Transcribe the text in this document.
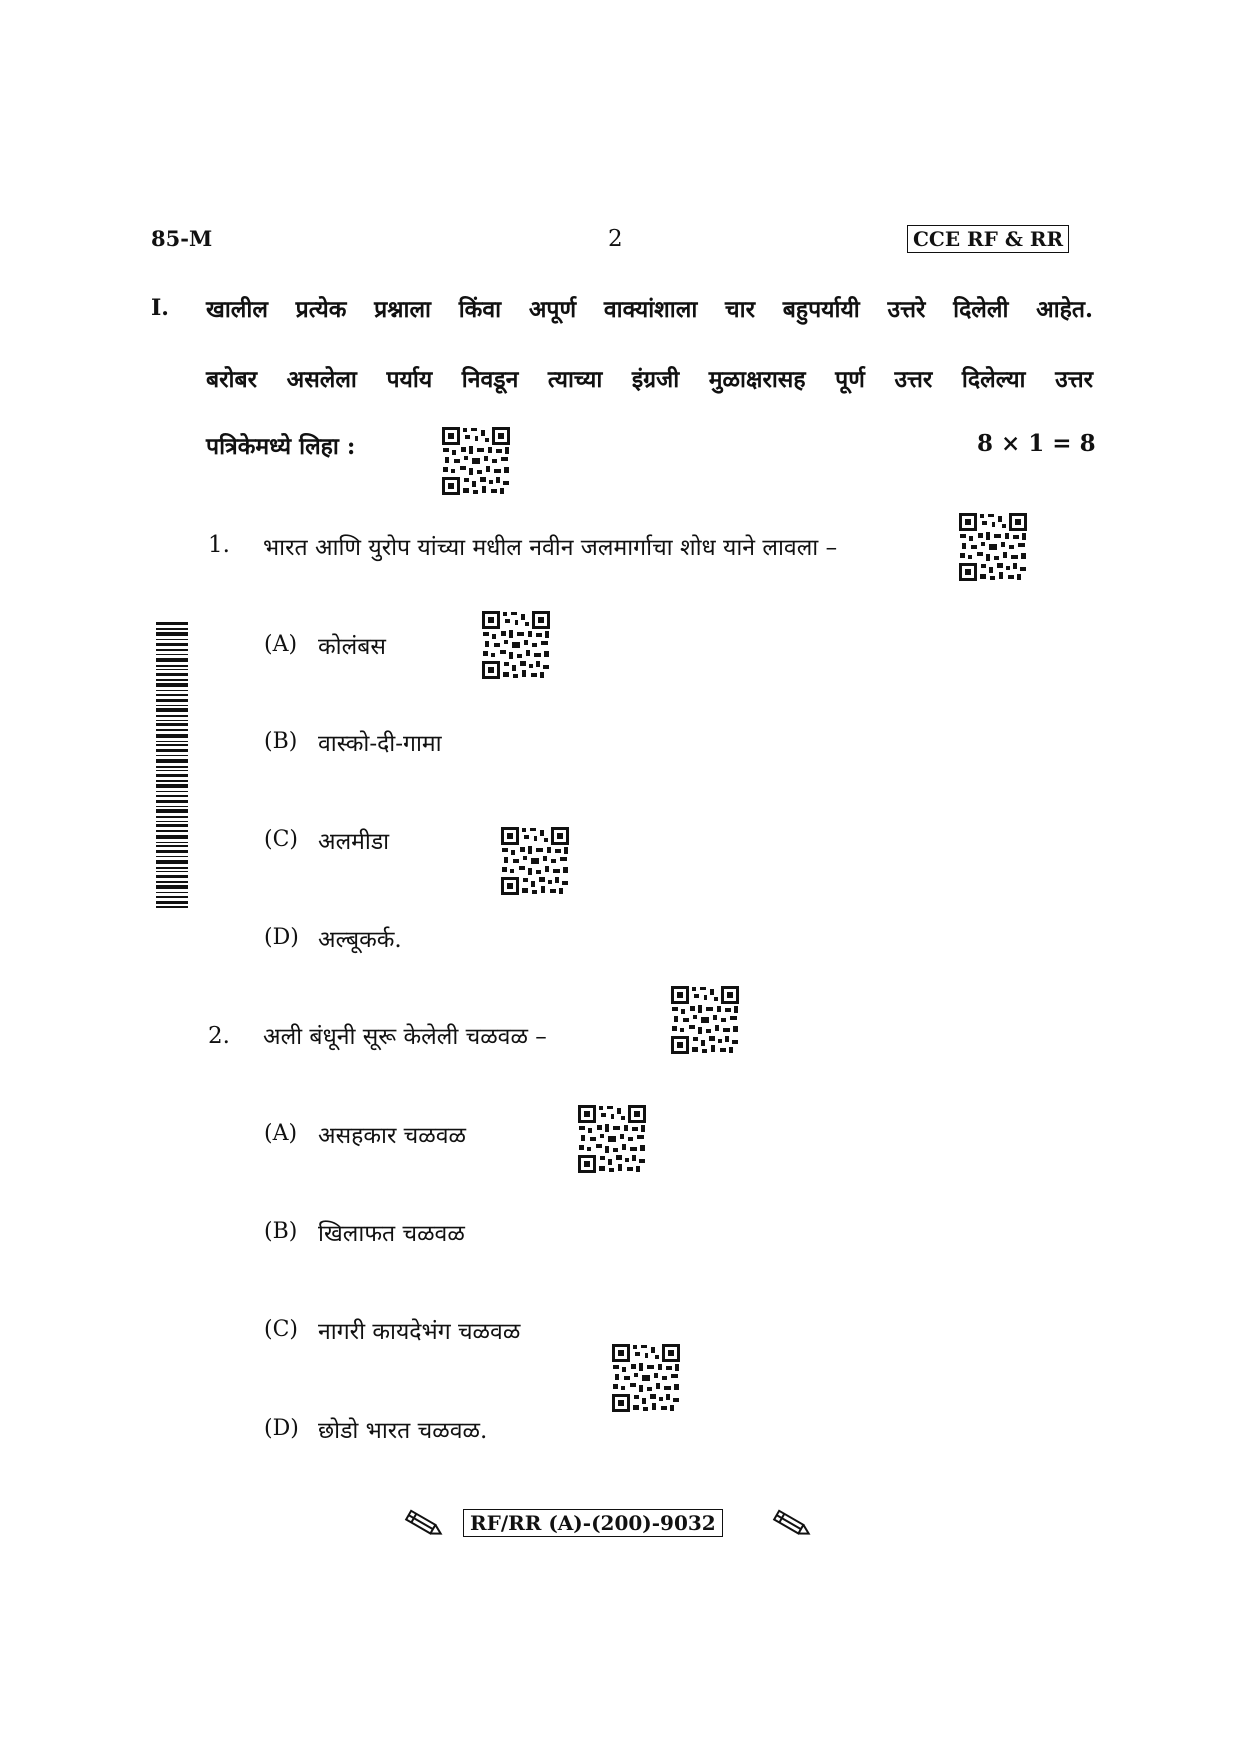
85-M	2	CCE RF & RR
I. खालील प्रत्येक प्रश्नाला किंवा अपूर्ण वाक्यांशाला चार बहुपर्यायी उत्तरे दिलेली आहेत.
बरोबर असलेला पर्याय निवडून त्याच्या इंग्रजी मुळाक्षरासह पूर्ण उत्तर दिलेल्या उत्तर
पत्रिकेमध्ये लिहा :	8 × 1 = 8
1. भारत आणि युरोप यांच्या मधील नवीन जलमार्गाचा शोध याने लावला –
(A) कोलंबस
(B) वास्को-दी-गामा
(C) अलमीडा
(D) अल्बूकर्क.
2. अली बंधूनी सूरू केलेली चळवळ –
(A) असहकार चळवळ
(B) खिलाफत चळवळ
(C) नागरी कायदेभंग चळवळ
(D) छोडो भारत चळवळ.
RF/RR (A)-(200)-9032
